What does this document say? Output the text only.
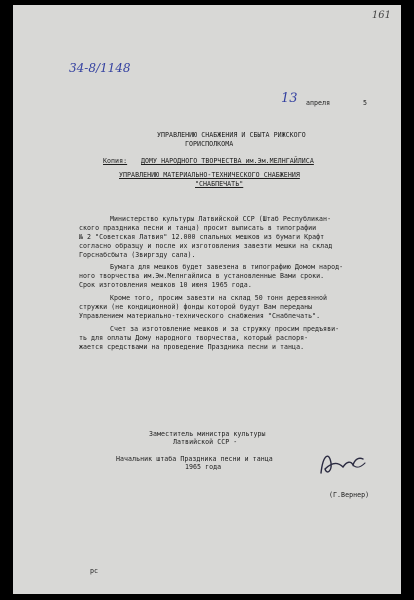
161
34-8/1148
13 апреля	5
УПРАВЛЕНИЮ СНАБЖЕНИЯ И СБЫТА РИЖСКОГО
ГОРИСПОЛКОМА
Копия: ДОМУ НАРОДНОГО ТВОРЧЕСТВА им.Эм.МЕЛНГАЙЛИСА
УПРАВЛЕНИЮ МАТЕРИАЛЬНО-ТЕХНИЧЕСКОГО СНАБЖЕНИЯ
"СНАБПЕЧАТЬ"
Министерство культуры Латвийской ССР (Штаб Республикан-
ского праздника песни и танца) просит выписать в типографии
№ 2 "Советская Латвия" 12.000 спальных мешков из бумаги Крафт
согласно образцу и после их изготовления завезти мешки на склад
Горснабсбыта (Звиргзду сала).
Бумага для мешков будет завезена в типографию Домом народ-
ного творчества им.Эм.Мелнгайлиса в установленные Вами сроки.
Срок изготовления мешков 10 июня 1965 года.
Кроме того, просим завезти на склад 50 тонн деревянной
стружки (не кондиционной) фонды которой будут Вам переданы
Управлением материально-технического снабжения "Снабпечать".
Счет за изготовление мешков и за стружку просим предъяви-
ть для оплаты Дому народного творчества, который распоря-
жается средствами на проведение Праздника песни и танца.
Заместитель министра культуры
Латвийской ССР -
Начальник штаба Праздника песни и танца
1965 года
(Г.Вернер)
рс
